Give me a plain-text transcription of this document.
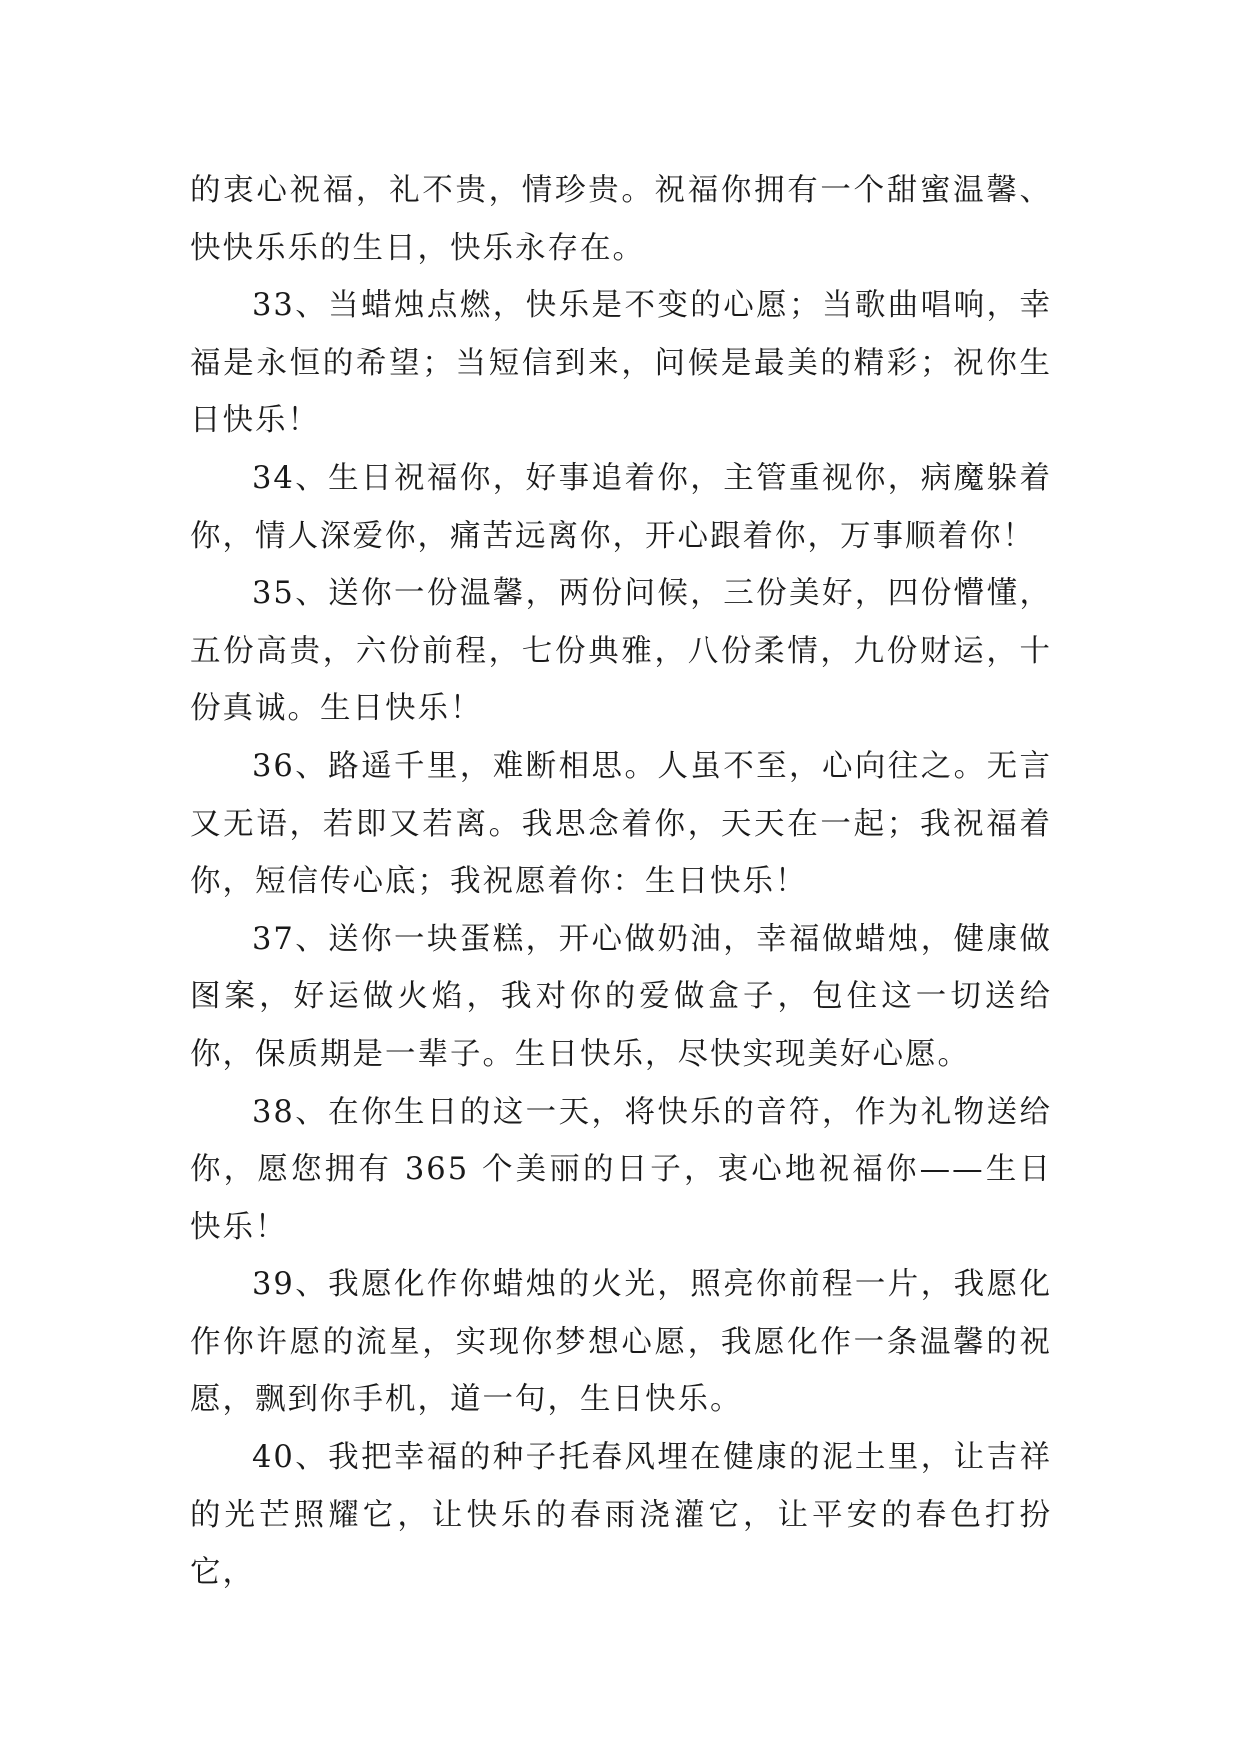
的衷心祝福，礼不贵，情珍贵。祝福你拥有一个甜蜜温馨、快快乐乐的生日，快乐永存在。

33、当蜡烛点燃，快乐是不变的心愿；当歌曲唱响，幸福是永恒的希望；当短信到来，问候是最美的精彩；祝你生日快乐！

34、生日祝福你，好事追着你，主管重视你，病魔躲着你，情人深爱你，痛苦远离你，开心跟着你，万事顺着你！

35、送你一份温馨，两份问候，三份美好，四份懵懂，五份高贵，六份前程，七份典雅，八份柔情，九份财运，十份真诚。生日快乐！

36、路遥千里，难断相思。人虽不至，心向往之。无言又无语，若即又若离。我思念着你，天天在一起；我祝福着你，短信传心底；我祝愿着你：生日快乐！

37、送你一块蛋糕，开心做奶油，幸福做蜡烛，健康做图案，好运做火焰，我对你的爱做盒子，包住这一切送给你，保质期是一辈子。生日快乐，尽快实现美好心愿。

38、在你生日的这一天，将快乐的音符，作为礼物送给你，愿您拥有 365 个美丽的日子，衷心地祝福你——生日快乐！

39、我愿化作你蜡烛的火光，照亮你前程一片，我愿化作你许愿的流星，实现你梦想心愿，我愿化作一条温馨的祝愿，飘到你手机，道一句，生日快乐。

40、我把幸福的种子托春风埋在健康的泥土里，让吉祥的光芒照耀它，让快乐的春雨浇灌它，让平安的春色打扮它，
